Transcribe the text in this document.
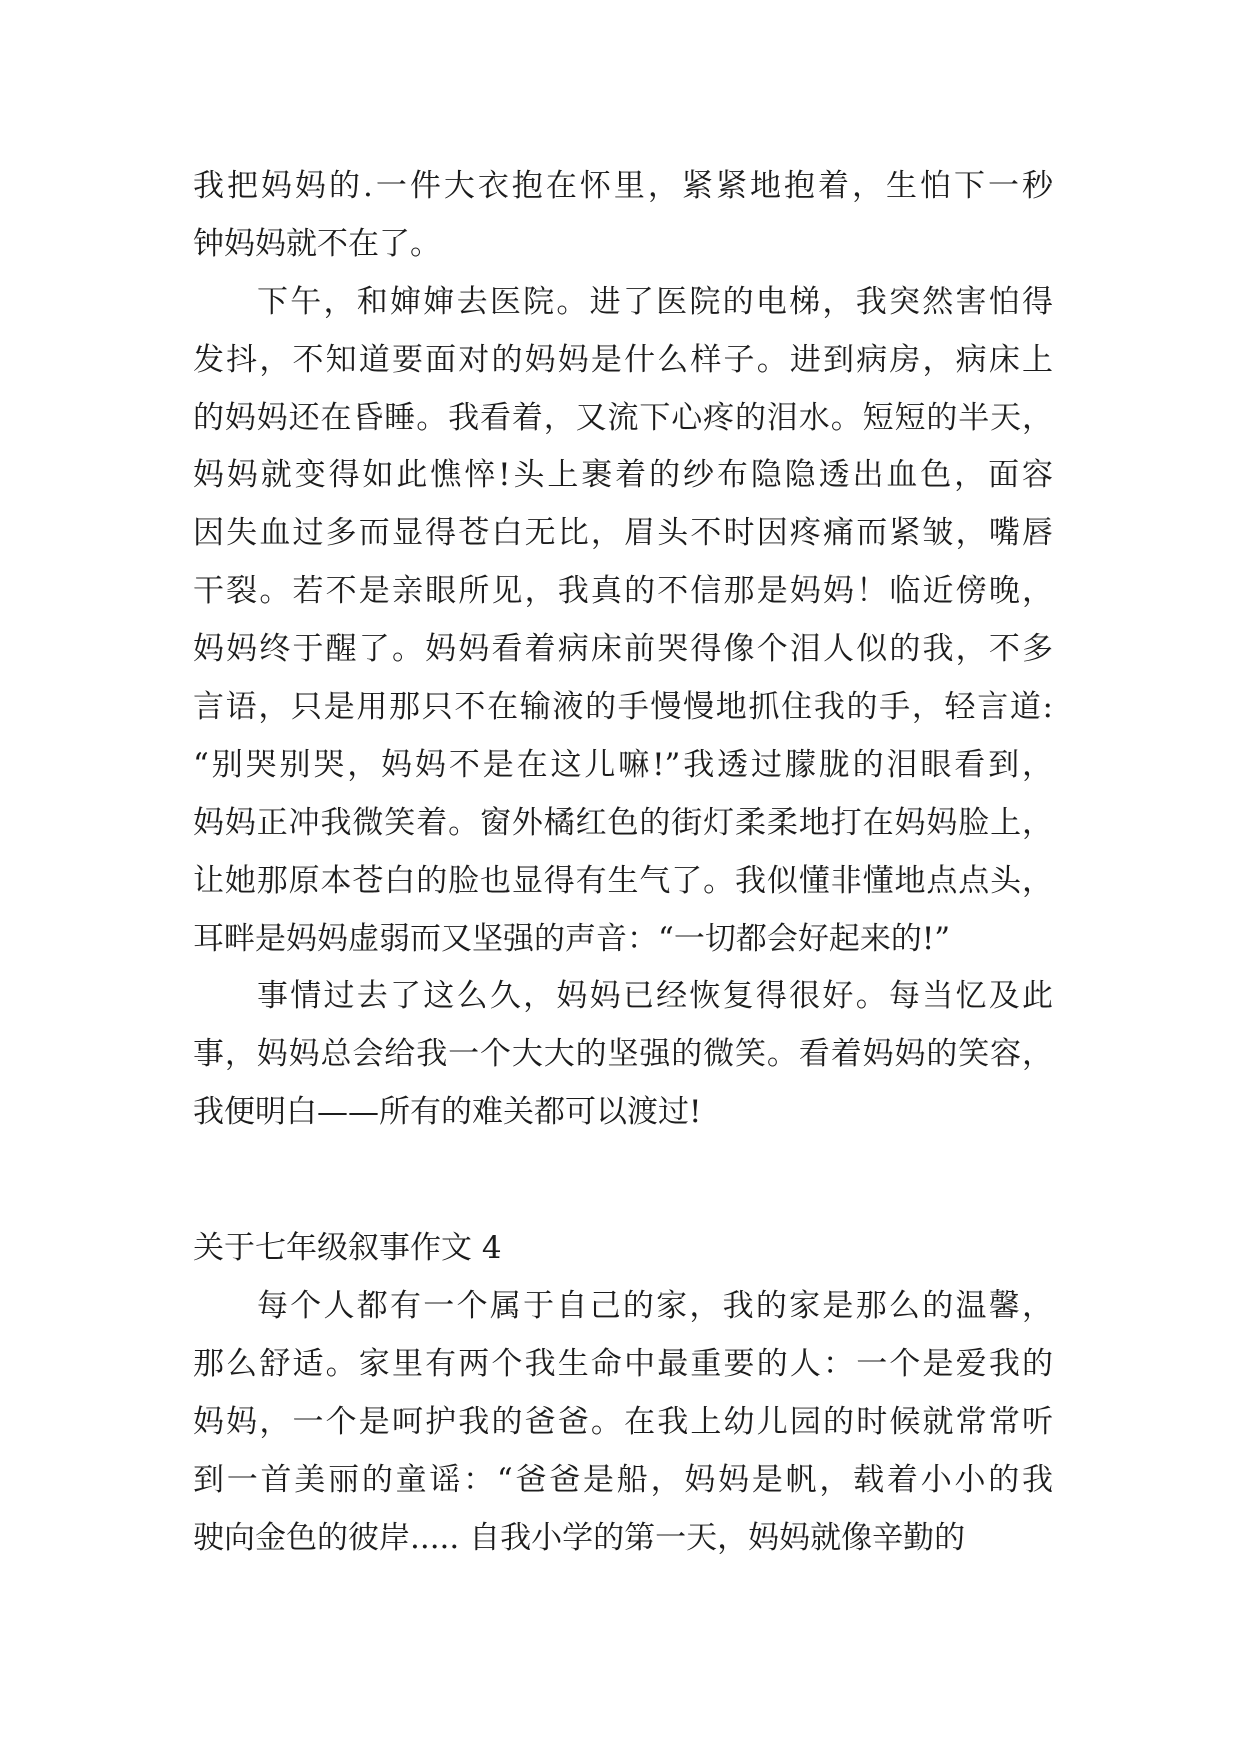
我把妈妈的.一件大衣抱在怀里，紧紧地抱着，生怕下一秒
钟妈妈就不在了。
下午，和婶婶去医院。进了医院的电梯，我突然害怕得
发抖，不知道要面对的妈妈是什么样子。进到病房，病床上
的妈妈还在昏睡。我看着，又流下心疼的泪水。短短的半天，
妈妈就变得如此憔悴!头上裹着的纱布隐隐透出血色，面容
因失血过多而显得苍白无比，眉头不时因疼痛而紧皱，嘴唇
干裂。若不是亲眼所见，我真的不信那是妈妈！临近傍晚，
妈妈终于醒了。妈妈看着病床前哭得像个泪人似的我，不多
言语，只是用那只不在输液的手慢慢地抓住我的手，轻言道:
“别哭别哭，妈妈不是在这儿嘛!”我透过朦胧的泪眼看到，
妈妈正冲我微笑着。窗外橘红色的街灯柔柔地打在妈妈脸上，
让她那原本苍白的脸也显得有生气了。我似懂非懂地点点头，
耳畔是妈妈虚弱而又坚强的声音：“一切都会好起来的!”
事情过去了这么久，妈妈已经恢复得很好。每当忆及此
事，妈妈总会给我一个大大的坚强的微笑。看着妈妈的笑容，
我便明白——所有的难关都可以渡过!
关于七年级叙事作文 4
每个人都有一个属于自己的家，我的家是那么的温馨，
那么舒适。家里有两个我生命中最重要的人：一个是爱我的
妈妈，一个是呵护我的爸爸。在我上幼儿园的时候就常常听
到一首美丽的童谣：“爸爸是船，妈妈是帆，载着小小的我
驶向金色的彼岸..... 自我小学的第一天，妈妈就像辛勤的
